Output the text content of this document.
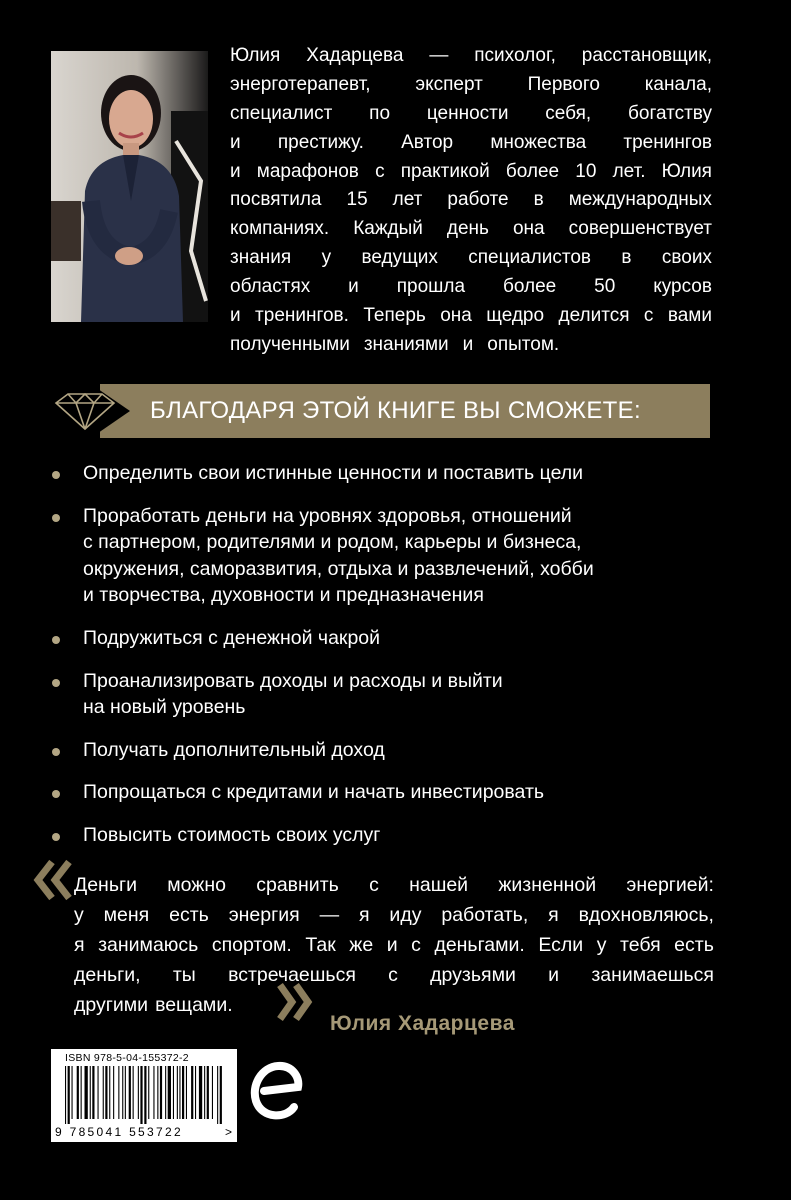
Юлия Хадарцева — психолог, расстановщик,
энерготерапевт, эксперт Первого канала,
специалист по ценности себя, богатству
и престижу. Автор множества тренингов
и марафонов с практикой более 10 лет. Юлия
посвятила 15 лет работе в международных
компаниях. Каждый день она совершенствует
знания у ведущих специалистов в своих
областях и прошла более 50 курсов
и тренингов. Теперь она щедро делится с вами
полученными знаниями и опытом.
БЛАГОДАРЯ ЭТОЙ КНИГЕ ВЫ СМОЖЕТЕ:
Определить свои истинные ценности и поставить цели
Проработать деньги на уровнях здоровья, отношений
с партнером, родителями и родом, карьеры и бизнеса,
окружения, саморазвития, отдыха и развлечений, хобби
и творчества, духовности и предназначения
Подружиться с денежной чакрой
Проанализировать доходы и расходы и выйти
на новый уровень
Получать дополнительный доход
Попрощаться с кредитами и начать инвестировать
Повысить стоимость своих услуг
Деньги можно сравнить с нашей жизненной энергией:
у меня есть энергия — я иду работать, я вдохновляюсь,
я занимаюсь спортом. Так же и с деньгами. Если у тебя есть
деньги, ты встречаешься с друзьями и занимаешься
другими вещами.
Юлия Хадарцева
ISBN 978-5-04-155372-2
9 785041 553722	>
